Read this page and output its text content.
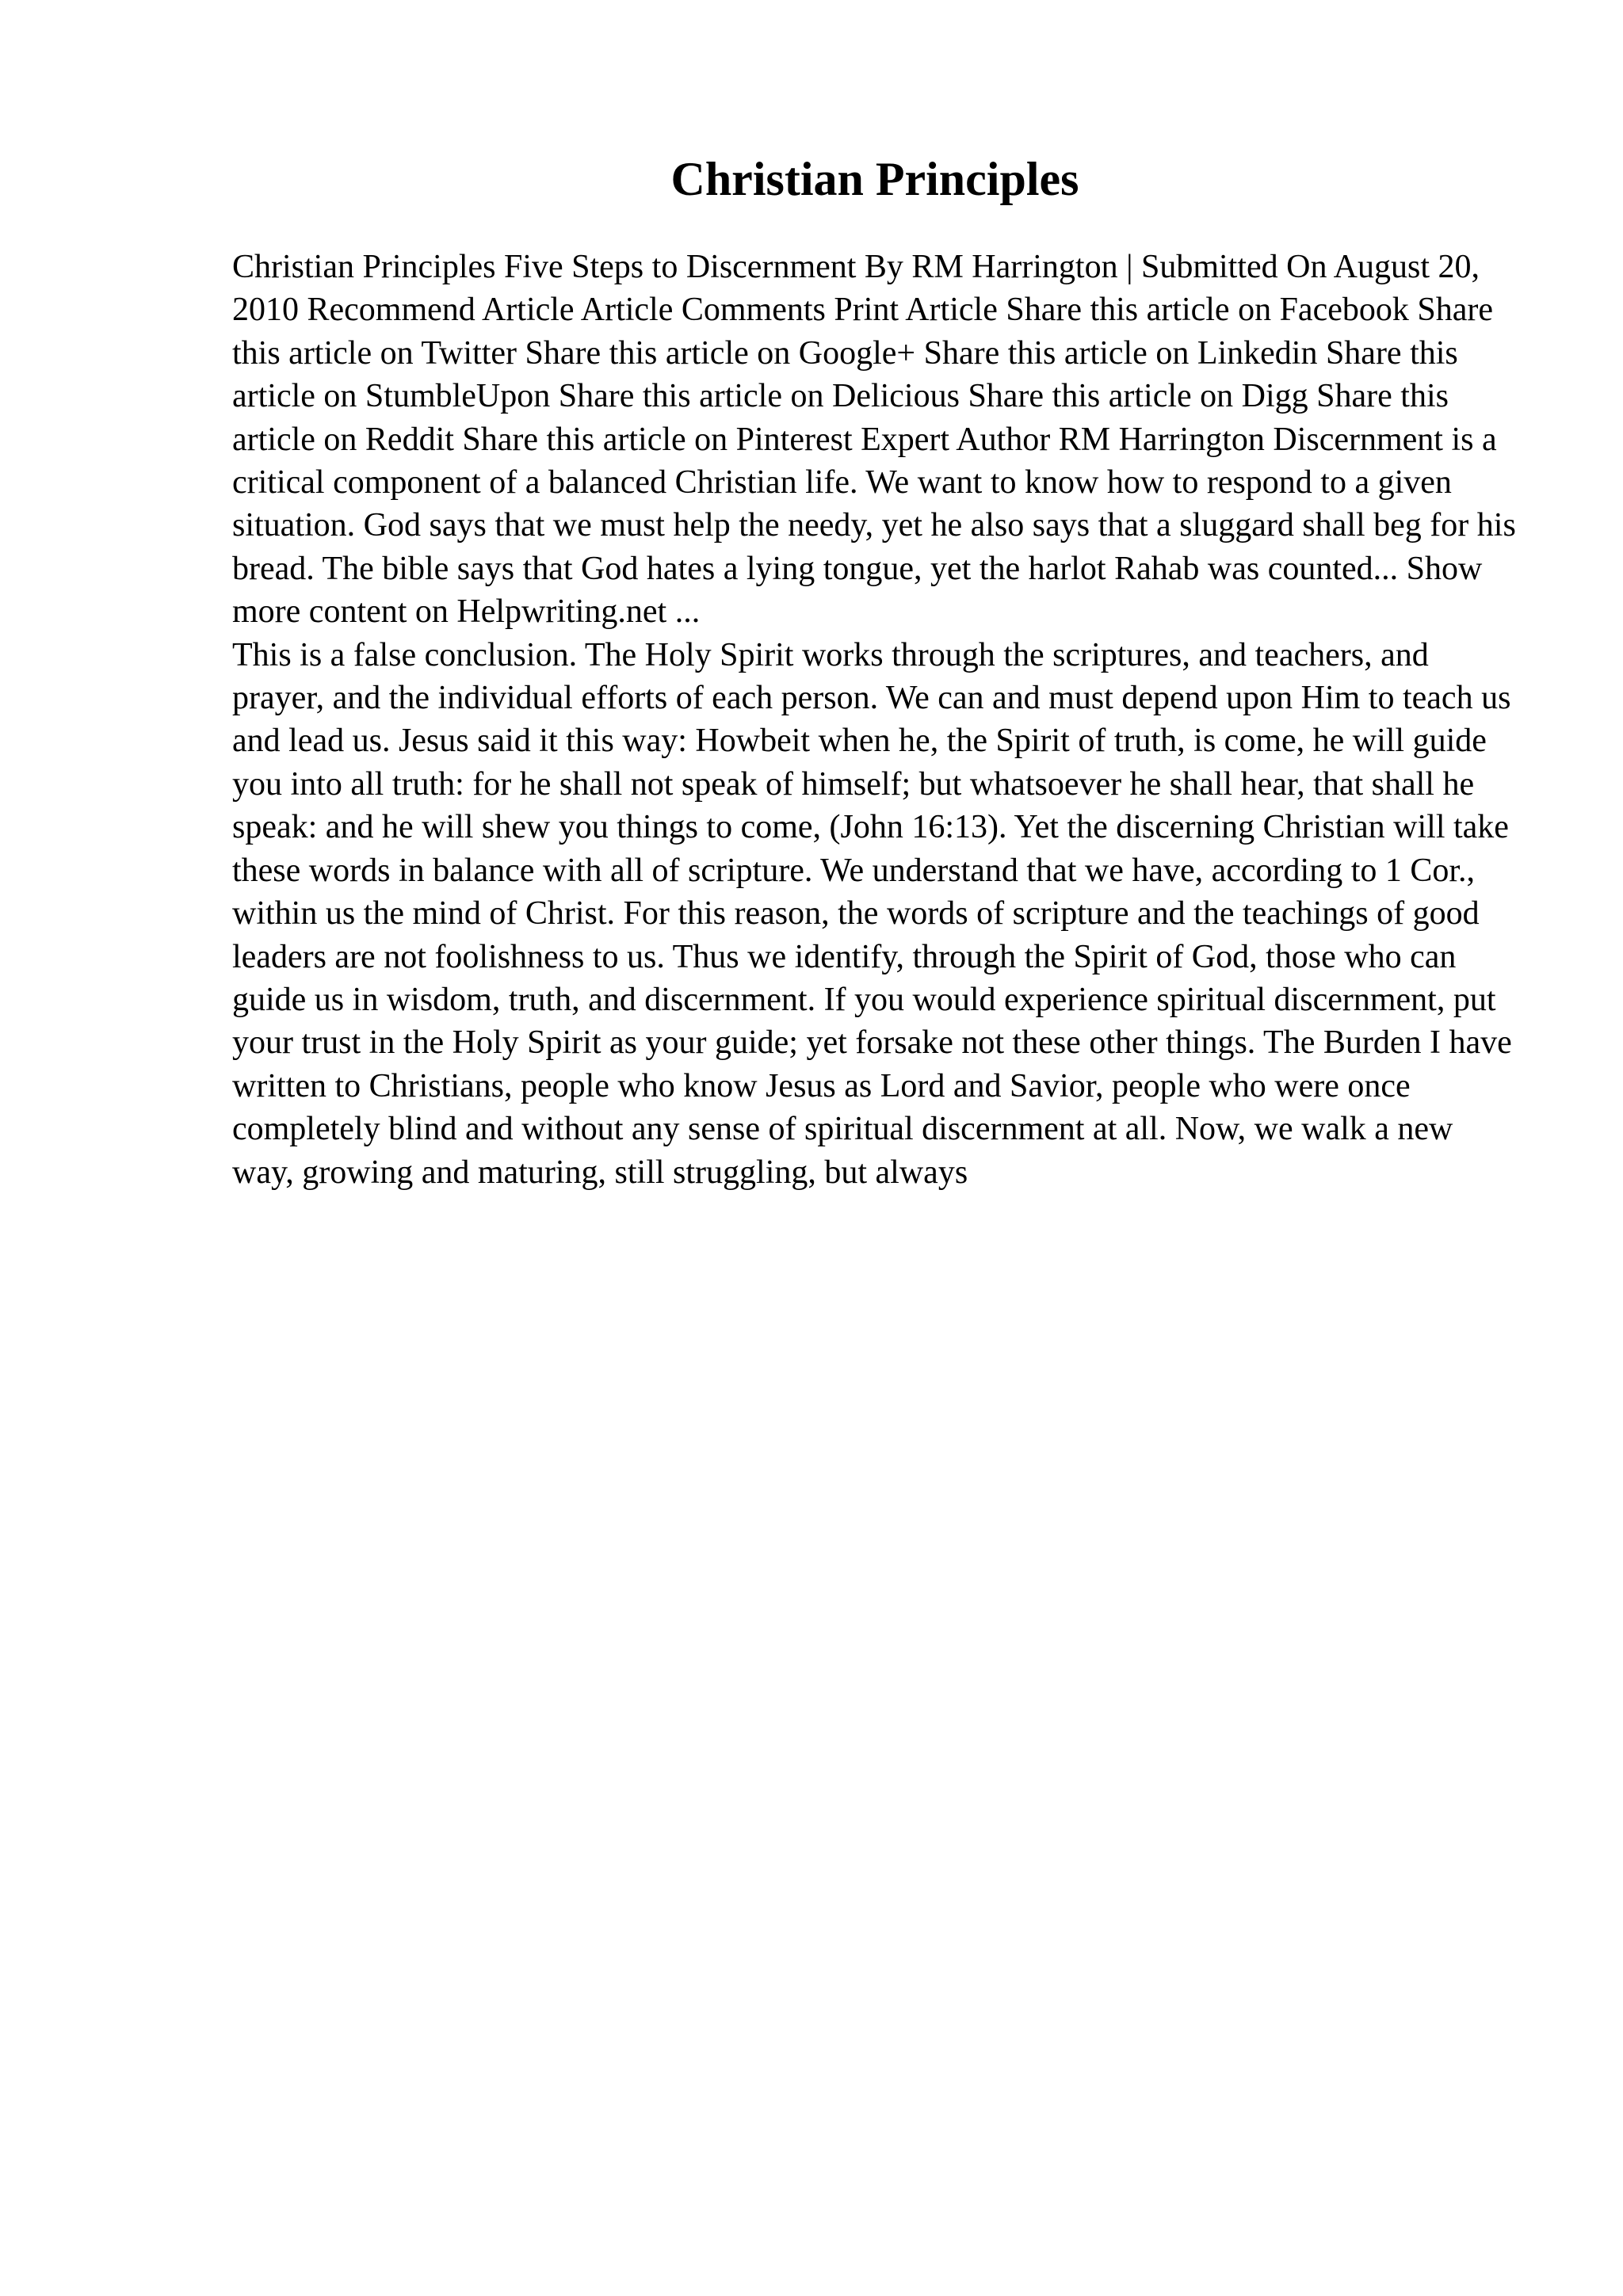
Christian Principles

Christian Principles Five Steps to Discernment By RM Harrington | Submitted On August 20, 2010 Recommend Article Article Comments Print Article Share this article on Facebook Share this article on Twitter Share this article on Google+ Share this article on Linkedin Share this article on StumbleUpon Share this article on Delicious Share this article on Digg Share this article on Reddit Share this article on Pinterest Expert Author RM Harrington Discernment is a critical component of a balanced Christian life. We want to know how to respond to a given situation. God says that we must help the needy, yet he also says that a sluggard shall beg for his bread. The bible says that God hates a lying tongue, yet the harlot Rahab was counted... Show more content on Helpwriting.net ...

This is a false conclusion. The Holy Spirit works through the scriptures, and teachers, and prayer, and the individual efforts of each person. We can and must depend upon Him to teach us and lead us. Jesus said it this way: Howbeit when he, the Spirit of truth, is come, he will guide you into all truth: for he shall not speak of himself; but whatsoever he shall hear, that shall he speak: and he will shew you things to come, (John 16:13). Yet the discerning Christian will take these words in balance with all of scripture. We understand that we have, according to 1 Cor., within us the mind of Christ. For this reason, the words of scripture and the teachings of good leaders are not foolishness to us. Thus we identify, through the Spirit of God, those who can guide us in wisdom, truth, and discernment. If you would experience spiritual discernment, put your trust in the Holy Spirit as your guide; yet forsake not these other things. The Burden I have written to Christians, people who know Jesus as Lord and Savior, people who were once completely blind and without any sense of spiritual discernment at all. Now, we walk a new way, growing and maturing, still struggling, but always
